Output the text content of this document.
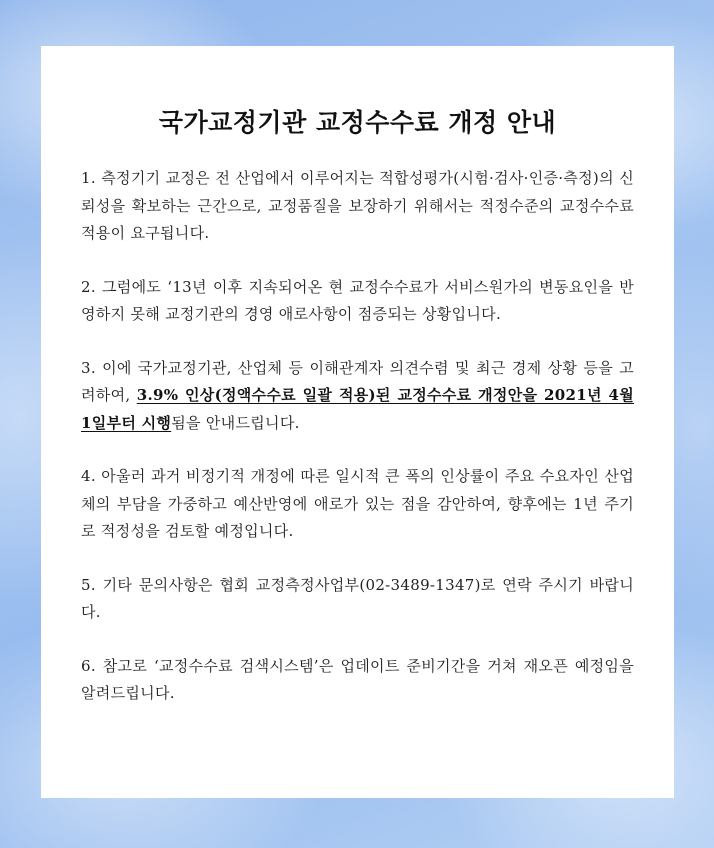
국가교정기관 교정수수료 개정 안내

1. 측정기기 교정은 전 산업에서 이루어지는 적합성평가(시험·검사·인증·측정)의 신뢰성을 확보하는 근간으로, 교정품질을 보장하기 위해서는 적정수준의 교정수수료 적용이 요구됩니다.

2. 그럼에도 ‘13년 이후 지속되어온 현 교정수수료가 서비스원가의 변동요인을 반영하지 못해 교정기관의 경영 애로사항이 점증되는 상황입니다.

3. 이에 국가교정기관, 산업체 등 이해관계자 의견수렴 및 최근 경제 상황 등을 고려하여, 3.9% 인상(정액수수료 일괄 적용)된 교정수수료 개정안을 2021년 4월 1일부터 시행됨을 안내드립니다.

4. 아울러 과거 비정기적 개정에 따른 일시적 큰 폭의 인상률이 주요 수요자인 산업체의 부담을 가중하고 예산반영에 애로가 있는 점을 감안하여, 향후에는 1년 주기로 적정성을 검토할 예정입니다.

5. 기타 문의사항은 협회 교정측정사업부(02-3489-1347)로 연락 주시기 바랍니다.

6. 참고로 ‘교정수수료 검색시스템’은 업데이트 준비기간을 거쳐 재오픈 예정임을 알려드립니다.
